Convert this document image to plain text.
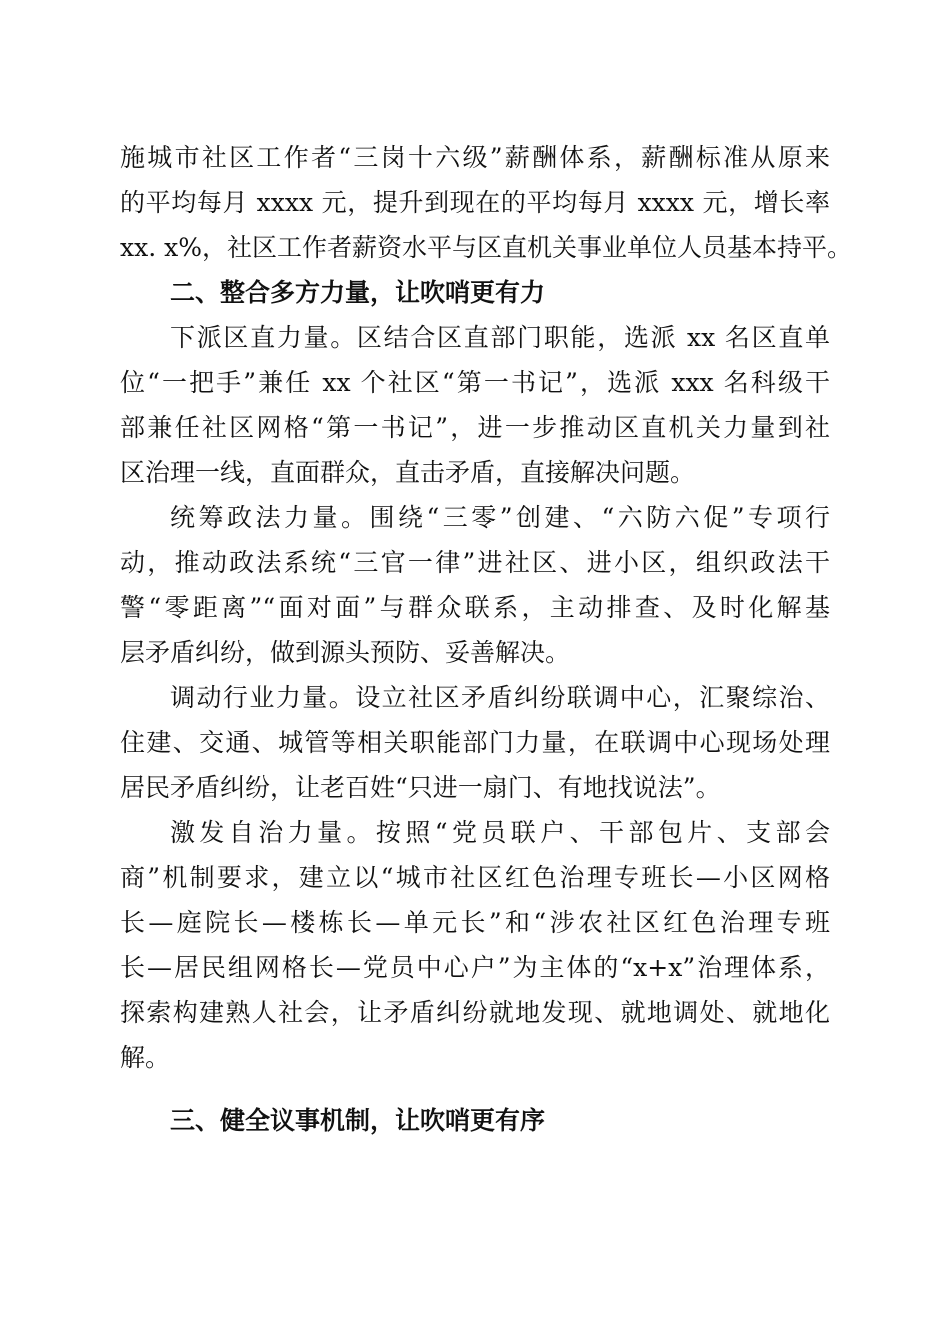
施城市社区工作者“三岗十六级”薪酬体系，薪酬标准从原来
的平均每月 xxxx 元，提升到现在的平均每月 xxxx 元，增长率
xx. x%，社区工作者薪资水平与区直机关事业单位人员基本持平。
二、整合多方力量，让吹哨更有力
下派区直力量。区结合区直部门职能，选派 xx 名区直单
位“一把手”兼任 xx 个社区“第一书记”，选派 xxx 名科级干
部兼任社区网格“第一书记”，进一步推动区直机关力量到社
区治理一线，直面群众，直击矛盾，直接解决问题。
统筹政法力量。围绕“三零”创建、“六防六促”专项行
动，推动政法系统“三官一律”进社区、进小区，组织政法干
警“零距离”“面对面”与群众联系，主动排查、及时化解基
层矛盾纠纷，做到源头预防、妥善解决。
调动行业力量。设立社区矛盾纠纷联调中心，汇聚综治、
住建、交通、城管等相关职能部门力量，在联调中心现场处理
居民矛盾纠纷，让老百姓“只进一扇门、有地找说法”。
激发自治力量。按照“党员联户、干部包片、支部会
商”机制要求，建立以“城市社区红色治理专班长—小区网格
长—庭院长—楼栋长—单元长”和“涉农社区红色治理专班
长—居民组网格长—党员中心户”为主体的“x+x”治理体系，
探索构建熟人社会，让矛盾纠纷就地发现、就地调处、就地化
解。
三、健全议事机制，让吹哨更有序
